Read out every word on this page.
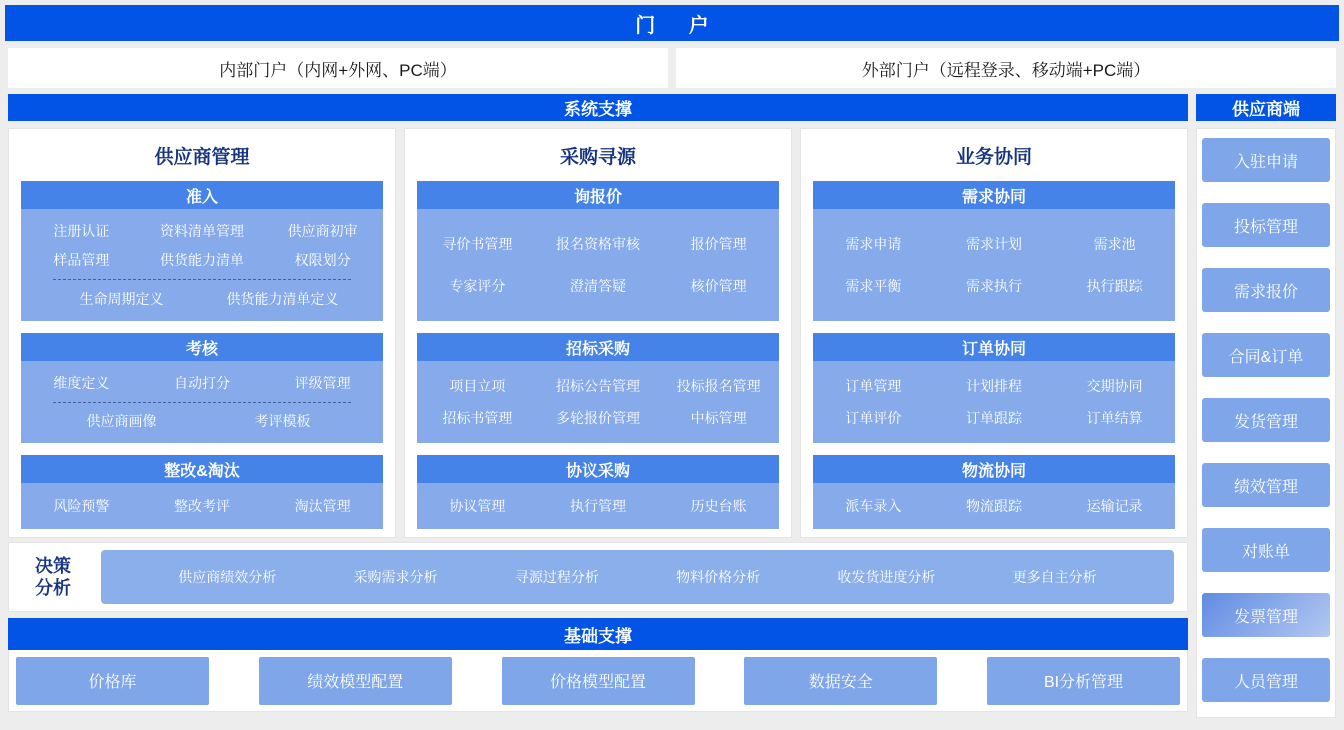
门 户
内部门户（内网+外网、PC端）	外部门户（远程登录、移动端+PC端）
系统支撑	供应商端
供应商管理
准入
注册认证	资料清单管理	供应商初审
样品管理	供货能力清单	权限划分
生命周期定义	供货能力清单定义
考核
维度定义	自动打分	评级管理
供应商画像	考评模板
整改&淘汰
风险预警	整改考评	淘汰管理
采购寻源
询报价
寻价书管理	报名资格审核	报价管理
专家评分	澄清答疑	核价管理
招标采购
项目立项	招标公告管理	投标报名管理
招标书管理	多轮报价管理	中标管理
协议采购
协议管理	执行管理	历史台账
业务协同
需求协同
需求申请	需求计划	需求池
需求平衡	需求执行	执行跟踪
订单协同
订单管理	计划排程	交期协同
订单评价	订单跟踪	订单结算
物流协同
派车录入	物流跟踪	运输记录
决策
分析
供应商绩效分析	采购需求分析	寻源过程分析	物料价格分析	收发货进度分析	更多自主分析
基础支撑
价格库	绩效模型配置	价格模型配置	数据安全	BI分析管理
入驻申请
投标管理
需求报价
合同&订单
发货管理
绩效管理
对账单
发票管理
人员管理
